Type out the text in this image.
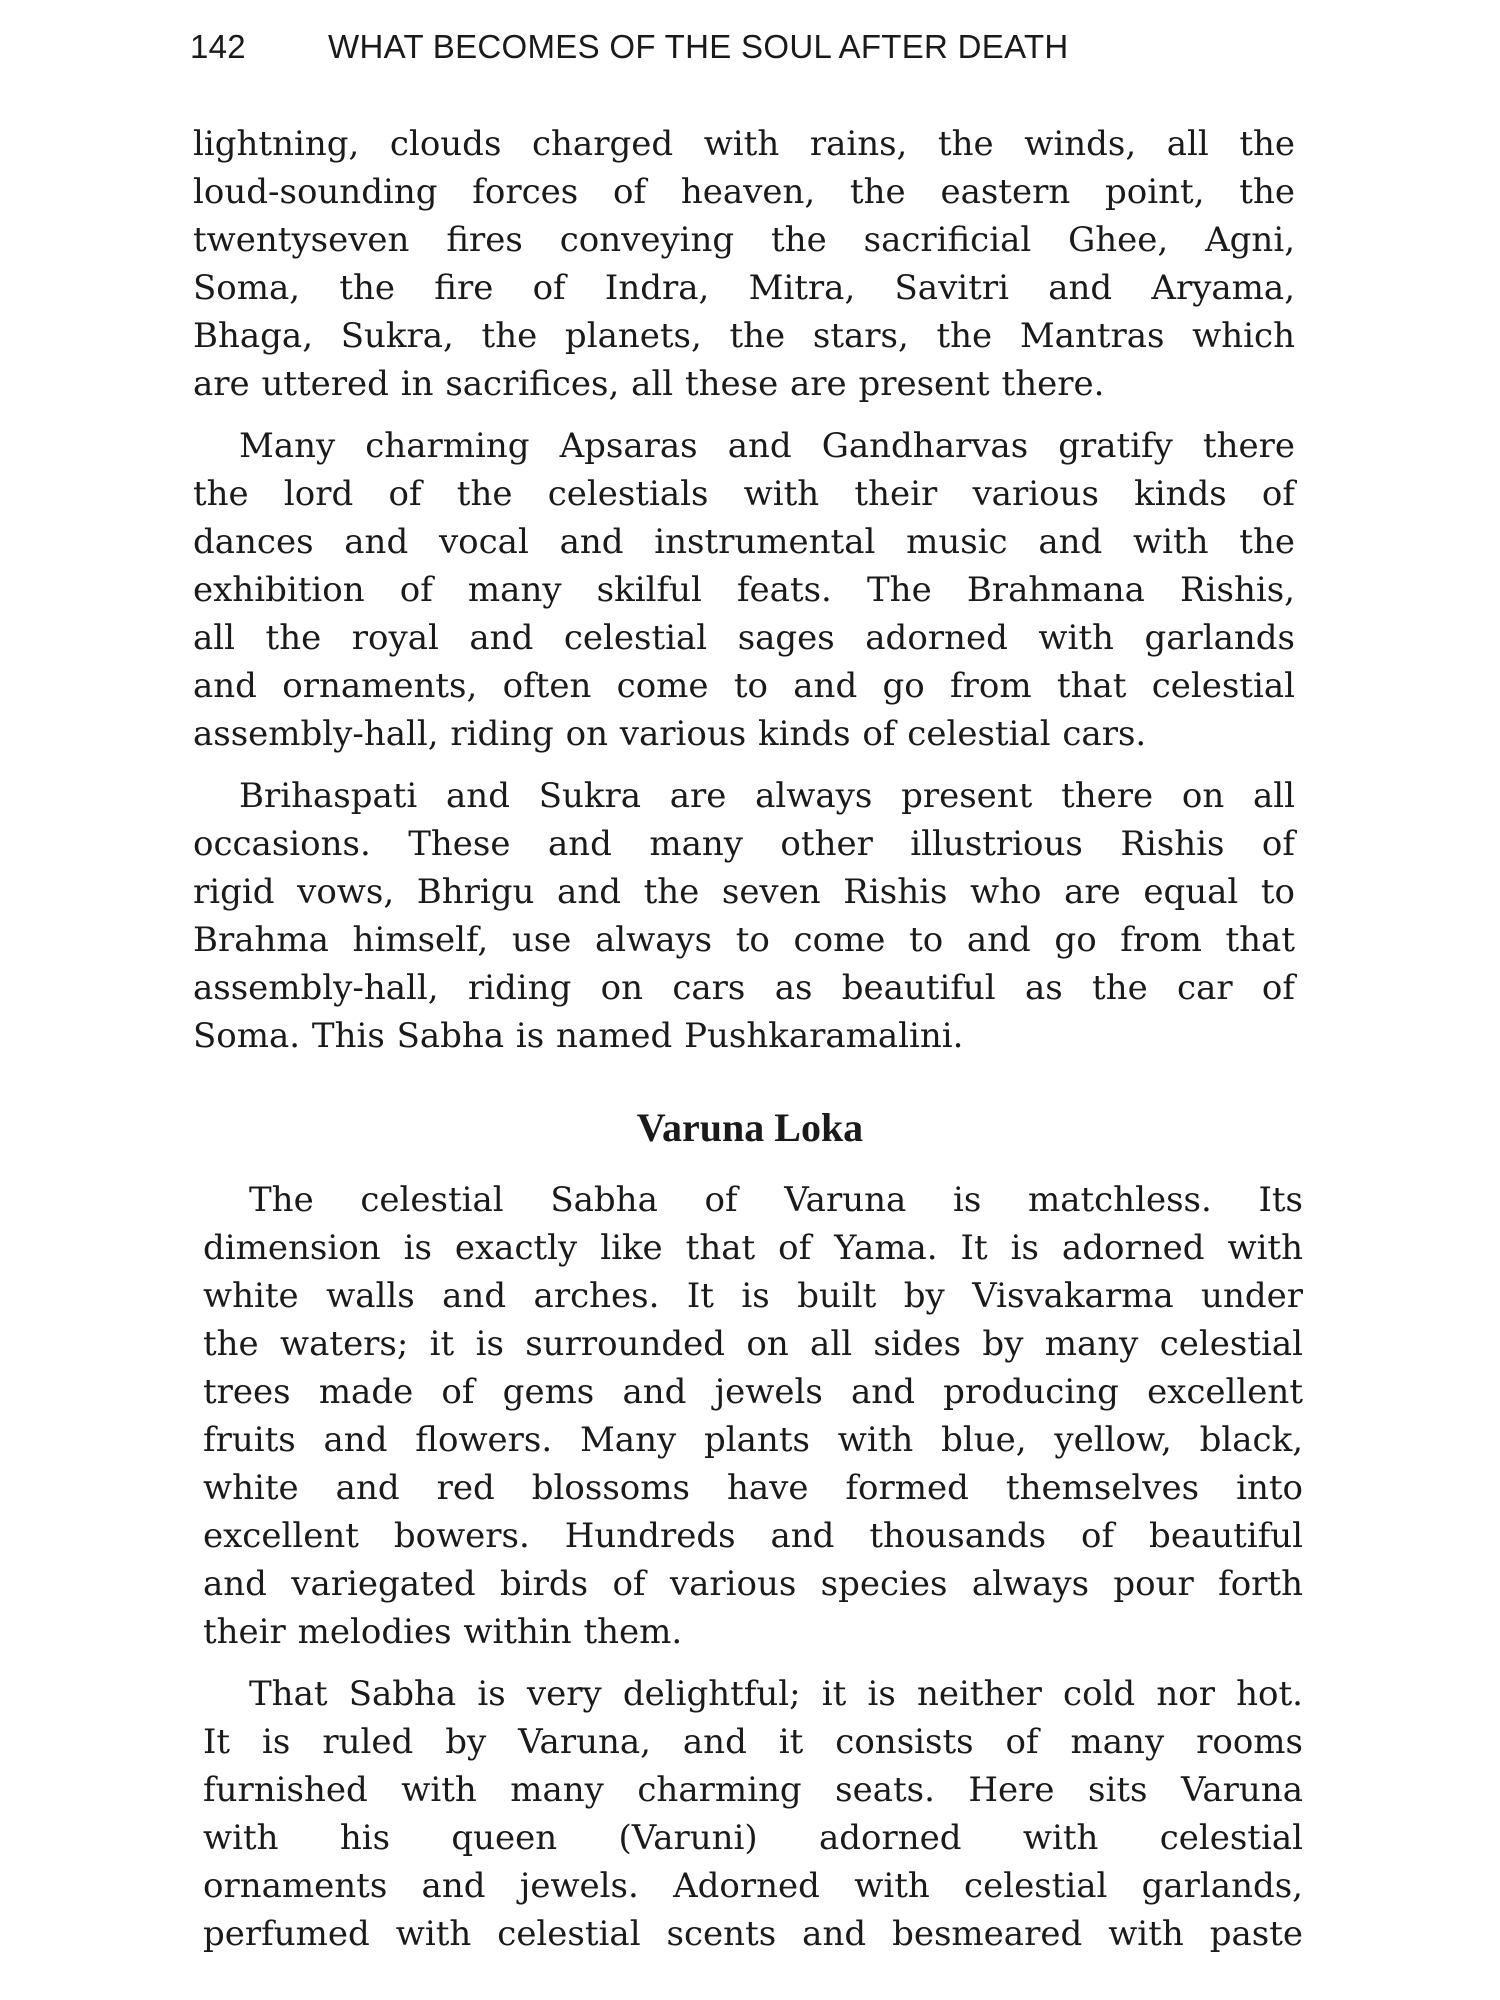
142 WHAT BECOMES OF THE SOUL AFTER DEATH
lightning, clouds charged with rains, the winds, all the
loud-sounding forces of heaven, the eastern point, the
twentyseven fires conveying the sacrificial Ghee, Agni,
Soma, the fire of Indra, Mitra, Savitri and Aryama,
Bhaga, Sukra, the planets, the stars, the Mantras which
are uttered in sacrifices, all these are present there.
Many charming Apsaras and Gandharvas gratify there
the lord of the celestials with their various kinds of
dances and vocal and instrumental music and with the
exhibition of many skilful feats. The Brahmana Rishis,
all the royal and celestial sages adorned with garlands
and ornaments, often come to and go from that celestial
assembly-hall, riding on various kinds of celestial cars.
Brihaspati and Sukra are always present there on all
occasions. These and many other illustrious Rishis of
rigid vows, Bhrigu and the seven Rishis who are equal to
Brahma himself, use always to come to and go from that
assembly-hall, riding on cars as beautiful as the car of
Soma. This Sabha is named Pushkaramalini.
Varuna Loka
The celestial Sabha of Varuna is matchless. Its
dimension is exactly like that of Yama. It is adorned with
white walls and arches. It is built by Visvakarma under
the waters; it is surrounded on all sides by many celestial
trees made of gems and jewels and producing excellent
fruits and flowers. Many plants with blue, yellow, black,
white and red blossoms have formed themselves into
excellent bowers. Hundreds and thousands of beautiful
and variegated birds of various species always pour forth
their melodies within them.
That Sabha is very delightful; it is neither cold nor hot.
It is ruled by Varuna, and it consists of many rooms
furnished with many charming seats. Here sits Varuna
with his queen (Varuni) adorned with celestial
ornaments and jewels. Adorned with celestial garlands,
perfumed with celestial scents and besmeared with paste
